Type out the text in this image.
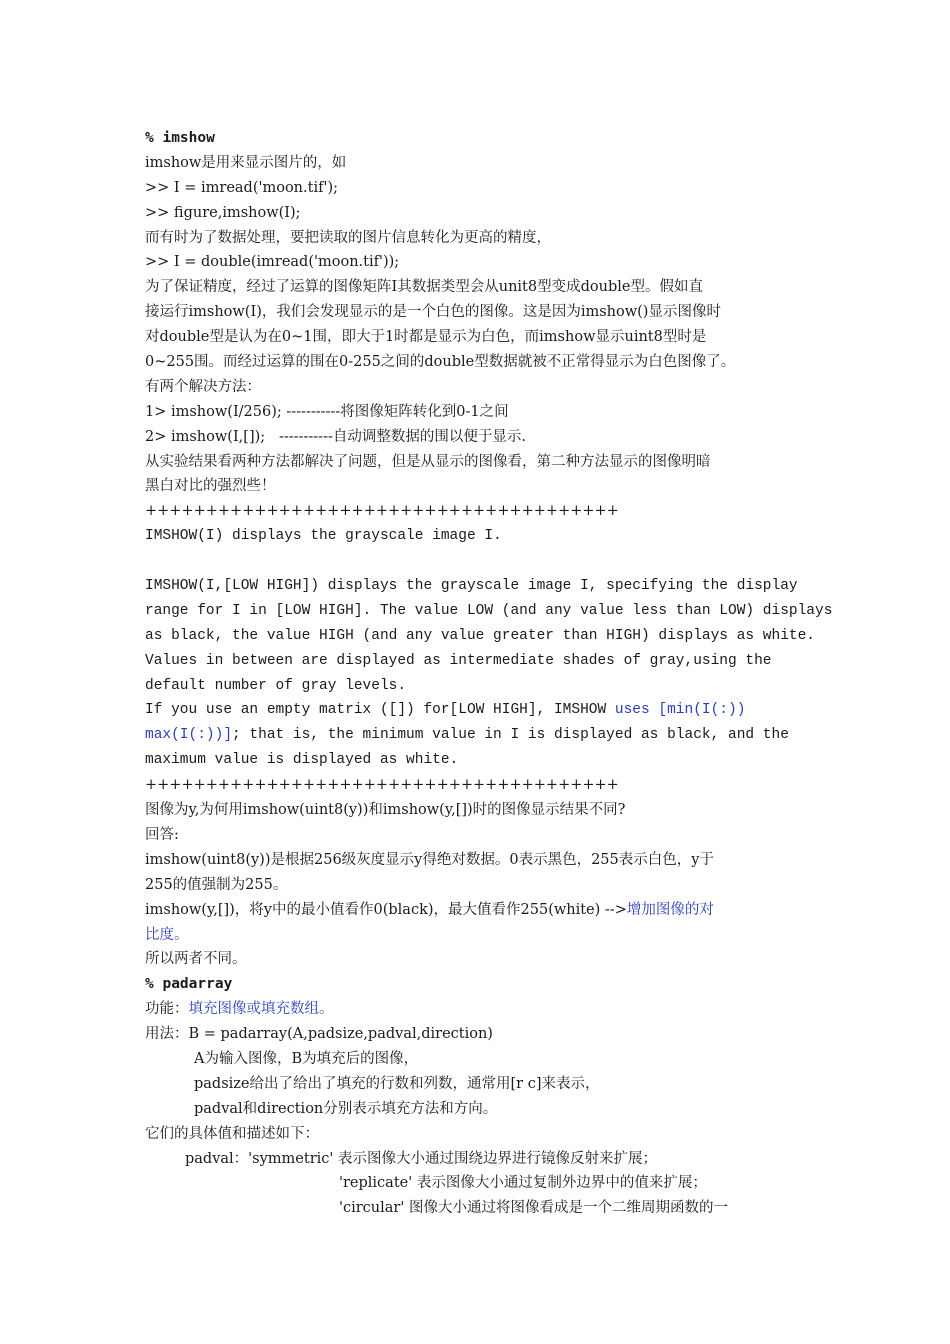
% imshow
imshow是用来显示图片的，如
>> I = imread('moon.tif');
>> figure,imshow(I);
而有时为了数据处理，要把读取的图片信息转化为更高的精度，
>> I = double(imread('moon.tif'));
为了保证精度，经过了运算的图像矩阵I其数据类型会从unit8型变成double型。假如直
接运行imshow(I)，我们会发现显示的是一个白色的图像。这是因为imshow()显示图像时
对double型是认为在0~1围，即大于1时都是显示为白色，而imshow显示uint8型时是
0~255围。而经过运算的围在0-255之间的double型数据就被不正常得显示为白色图像了。
有两个解决方法：
1> imshow(I/256); -----------将图像矩阵转化到0-1之间
2> imshow(I,[]);   -----------自动调整数据的围以便于显示.
从实验结果看两种方法都解决了问题，但是从显示的图像看，第二种方法显示的图像明暗
黑白对比的强烈些！
+++++++++++++++++++++++++++++++++++++++
IMSHOW(I) displays the grayscale image I.
IMSHOW(I,[LOW HIGH]) displays the grayscale image I, specifying the display
range for I in [LOW HIGH]. The value LOW (and any value less than LOW) displays
as black, the value HIGH (and any value greater than HIGH) displays as white.
Values in between are displayed as intermediate shades of gray,using the
default number of gray levels.
If you use an empty matrix ([]) for[LOW HIGH], IMSHOW uses [min(I(:))
max(I(:))]; that is, the minimum value in I is displayed as black, and the
maximum value is displayed as white.
+++++++++++++++++++++++++++++++++++++++
图像为y,为何用imshow(uint8(y))和imshow(y,[])时的图像显示结果不同?
回答:
imshow(uint8(y))是根据256级灰度显示y得绝对数据。0表示黑色，255表示白色，y于
255的值强制为255。
imshow(y,[])，将y中的最小值看作0(black)，最大值看作255(white) -->增加图像的对
比度。
所以两者不同。
% padarray
功能：填充图像或填充数组。
用法：B = padarray(A,padsize,padval,direction)
A为输入图像，B为填充后的图像，
padsize给出了给出了填充的行数和列数，通常用[r c]来表示，
padval和direction分别表示填充方法和方向。
它们的具体值和描述如下：
padval：'symmetric' 表示图像大小通过围绕边界进行镜像反射来扩展；
'replicate' 表示图像大小通过复制外边界中的值来扩展；
'circular' 图像大小通过将图像看成是一个二维周期函数的一
